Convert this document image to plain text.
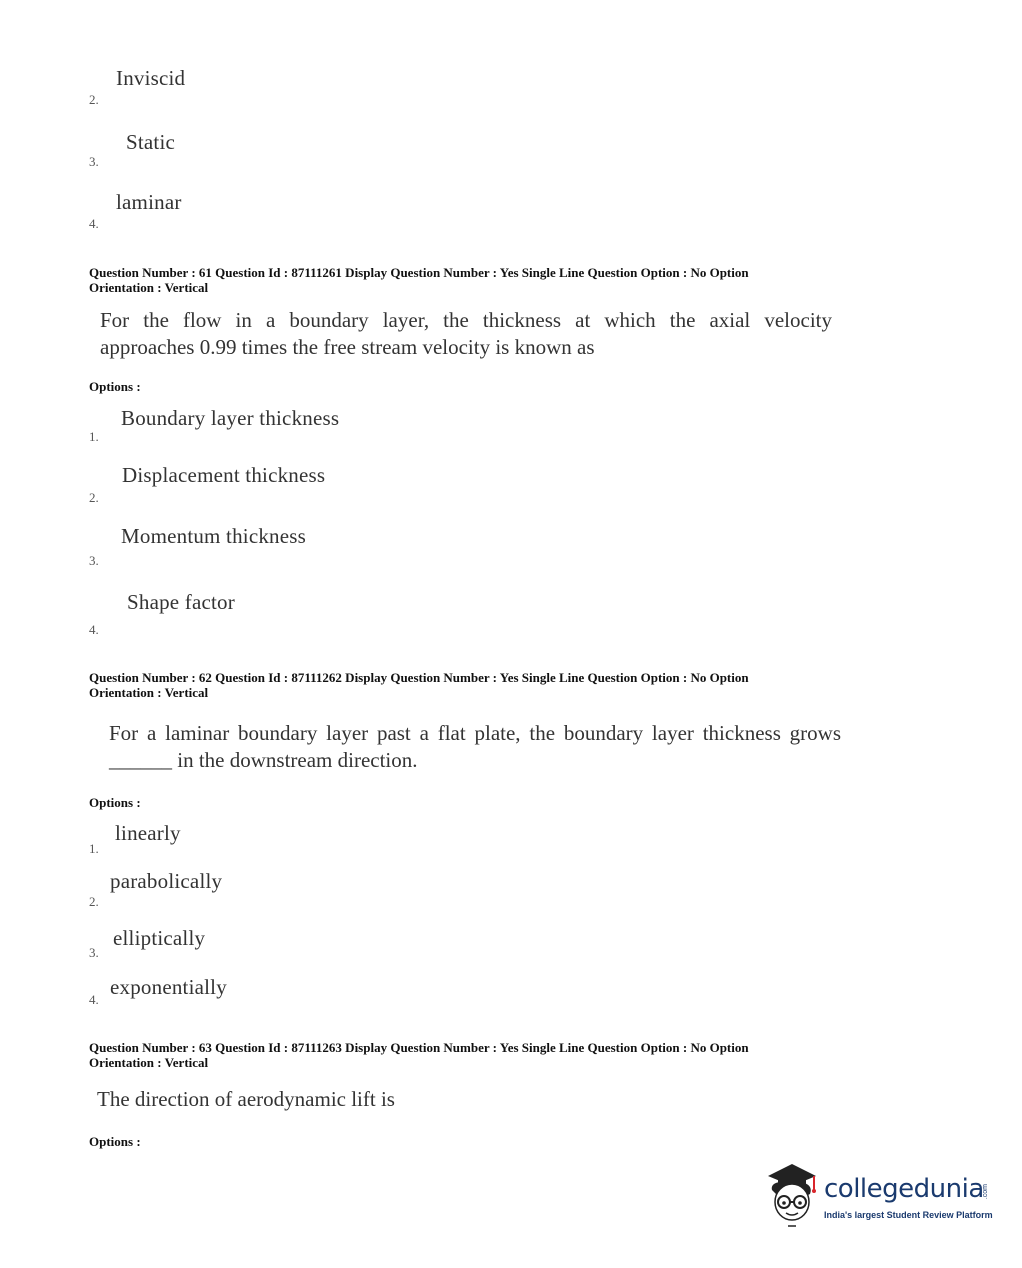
Inviscid
2.
Static
3.
laminar
4.
Question Number : 61 Question Id : 87111261 Display Question Number : Yes Single Line Question Option : No Option
Orientation : Vertical
For the flow in a boundary layer, the thickness at which the axial velocity
approaches 0.99 times the free stream velocity is known as
Options :
Boundary layer thickness
1.
Displacement thickness
2.
Momentum thickness
3.
Shape factor
4.
Question Number : 62 Question Id : 87111262 Display Question Number : Yes Single Line Question Option : No Option
Orientation : Vertical
For a laminar boundary layer past a flat plate, the boundary layer thickness grows
______ in the downstream direction.
Options :
linearly
1.
parabolically
2.
elliptically
3.
exponentially
4.
Question Number : 63 Question Id : 87111263 Display Question Number : Yes Single Line Question Option : No Option
Orientation : Vertical
The direction of aerodynamic lift is
Options :
collegedunia
.com
India's largest Student Review Platform
